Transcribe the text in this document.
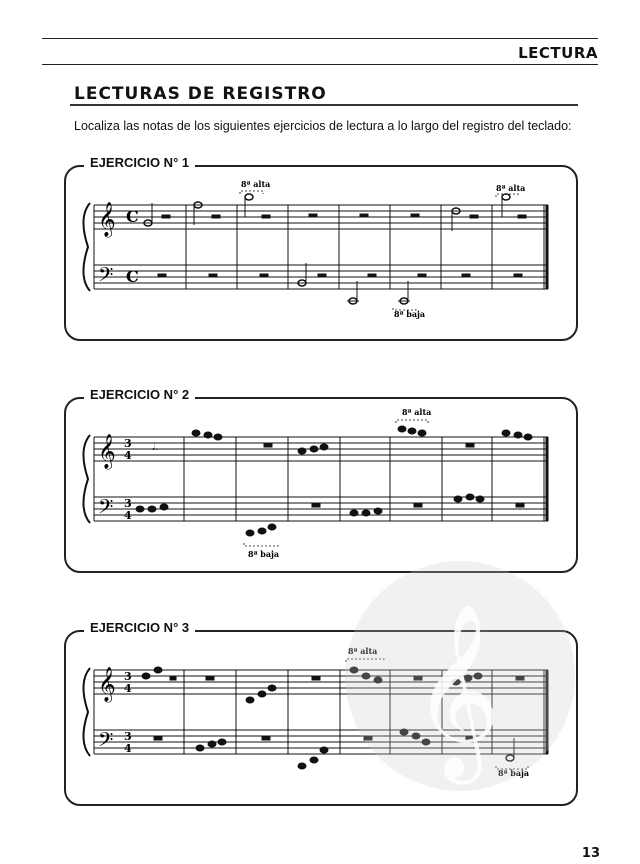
LECTURA
LECTURAS DE REGISTRO
Localiza las notas de los siguientes ejercicios de lectura a lo largo del registro del teclado:
EJERCICIO N° 1
𝄞
𝄢
C
C
8ª alta	8ª alta
8ª baja
EJERCICIO N° 2
𝄞
𝄢
3
4
3
4
𝅗𝅥.
8ª alta
8ª baja
EJERCICIO N° 3
𝄞
𝄢
3
4
3
4
8ª alta
8ª baja
𝄞
13
